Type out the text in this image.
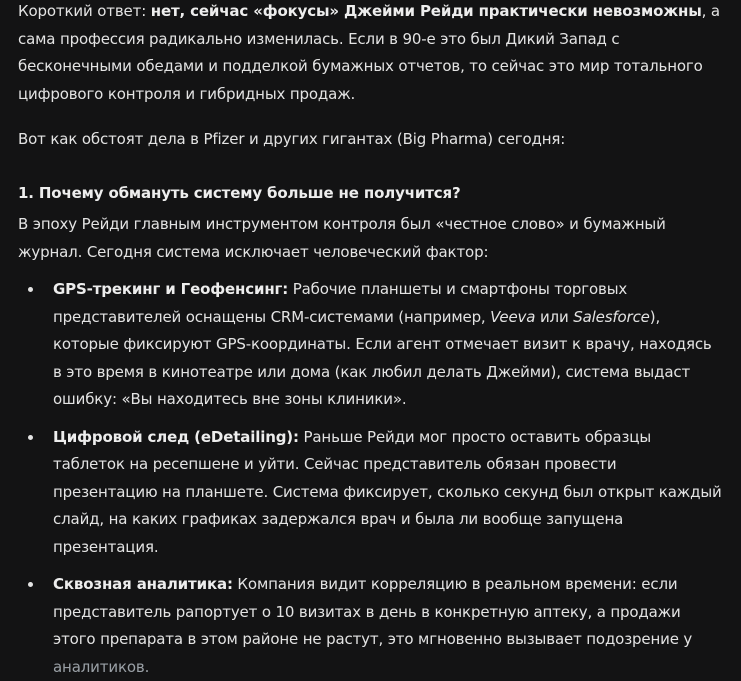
Короткий ответ: нет, сейчас «фокусы» Джейми Рейди практически невозможны, а сама профессия радикально изменилась. Если в 90-е это был Дикий Запад с бесконечными обедами и подделкой бумажных отчетов, то сейчас это мир тотального цифрового контроля и гибридных продаж.

Вот как обстоят дела в Pfizer и других гигантах (Big Pharma) сегодня:

1. Почему обмануть систему больше не получится?

В эпоху Рейди главным инструментом контроля был «честное слово» и бумажный журнал. Сегодня система исключает человеческий фактор:

GPS-трекинг и Геофенсинг: Рабочие планшеты и смартфоны торговых представителей оснащены CRM-системами (например, Veeva или Salesforce), которые фиксируют GPS-координаты. Если агент отмечает визит к врачу, находясь в это время в кинотеатре или дома (как любил делать Джейми), система выдаст ошибку: «Вы находитесь вне зоны клиники».
Цифровой след (eDetailing): Раньше Рейди мог просто оставить образцы таблеток на ресепшене и уйти. Сейчас представитель обязан провести презентацию на планшете. Система фиксирует, сколько секунд был открыт каждый слайд, на каких графиках задержался врач и была ли вообще запущена презентация.
Сквозная аналитика: Компания видит корреляцию в реальном времени: если представитель рапортует о 10 визитах в день в конкретную аптеку, а продажи этого препарата в этом районе не растут, это мгновенно вызывает подозрение у аналитиков.
